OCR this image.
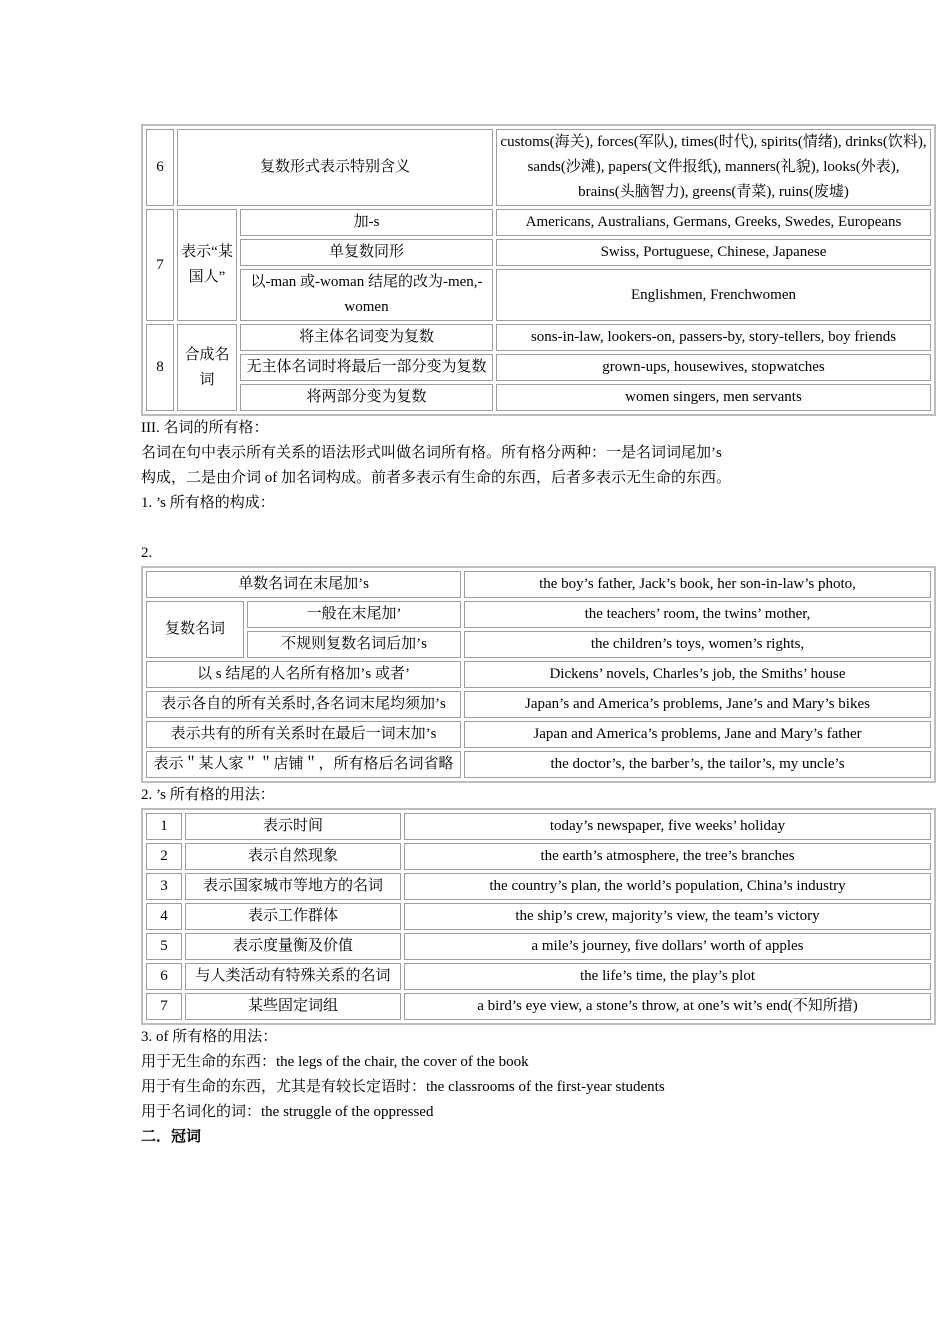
6	复数形式表示特别含义		customs(海关), forces(军队), times(时代), spirits(情绪), drinks(饮料), sands(沙滩), papers(文件报纸), manners(礼貌), looks(外表), brains(头脑智力), greens(青菜), ruins(废墟)
7	表示“某国人”	加-s	Americans, Australians, Germans, Greeks, Swedes, Europeans
		单复数同形	Swiss, Portuguese, Chinese, Japanese
		以-man 或-woman 结尾的改为-men,-women	Englishmen, Frenchwomen
8	合成名词	将主体名词变为复数	sons-in-law, lookers-on, passers-by, story-tellers, boy friends
		无主体名词时将最后一部分变为复数	grown-ups, housewives, stopwatches
		将两部分变为复数	women singers, men servants
III. 名词的所有格：
名词在句中表示所有关系的语法形式叫做名词所有格。所有格分两种：一是名词词尾加’s
构成，二是由介词 of 加名词构成。前者多表示有生命的东西，后者多表示无生命的东西。
1. ’s 所有格的构成：
2.
单数名词在末尾加’s		the boy’s father, Jack’s book, her son-in-law’s photo,
复数名词	一般在末尾加’	the teachers’ room, the twins’ mother,
	不规则复数名词后加’s	the children’s toys, women’s rights,
以 s 结尾的人名所有格加’s 或者’		Dickens’ novels, Charles’s job, the Smiths’ house
表示各自的所有关系时,各名词末尾均须加’s		Japan’s and America’s problems, Jane’s and Mary’s bikes
表示共有的所有关系时在最后一词末加’s		Japan and America’s problems, Jane and Mary’s father
表示＂某人家＂＂店铺＂，所有格后名词省略		the doctor’s, the barber’s, the tailor’s, my uncle’s
2. ’s 所有格的用法：
1	表示时间	today’s newspaper, five weeks’ holiday
2	表示自然现象	the earth’s atmosphere, the tree’s branches
3	表示国家城市等地方的名词	the country’s plan, the world’s population, China’s industry
4	表示工作群体	the ship’s crew, majority’s view, the team’s victory
5	表示度量衡及价值	a mile’s journey, five dollars’ worth of apples
6	与人类活动有特殊关系的名词	the life’s time, the play’s plot
7	某些固定词组	a bird’s eye view, a stone’s throw, at one’s wit’s end(不知所措)
3. of 所有格的用法：
用于无生命的东西：the legs of the chair, the cover of the book
用于有生命的东西，尤其是有较长定语时：the classrooms of the first-year students
用于名词化的词：the struggle of the oppressed
二．冠词
